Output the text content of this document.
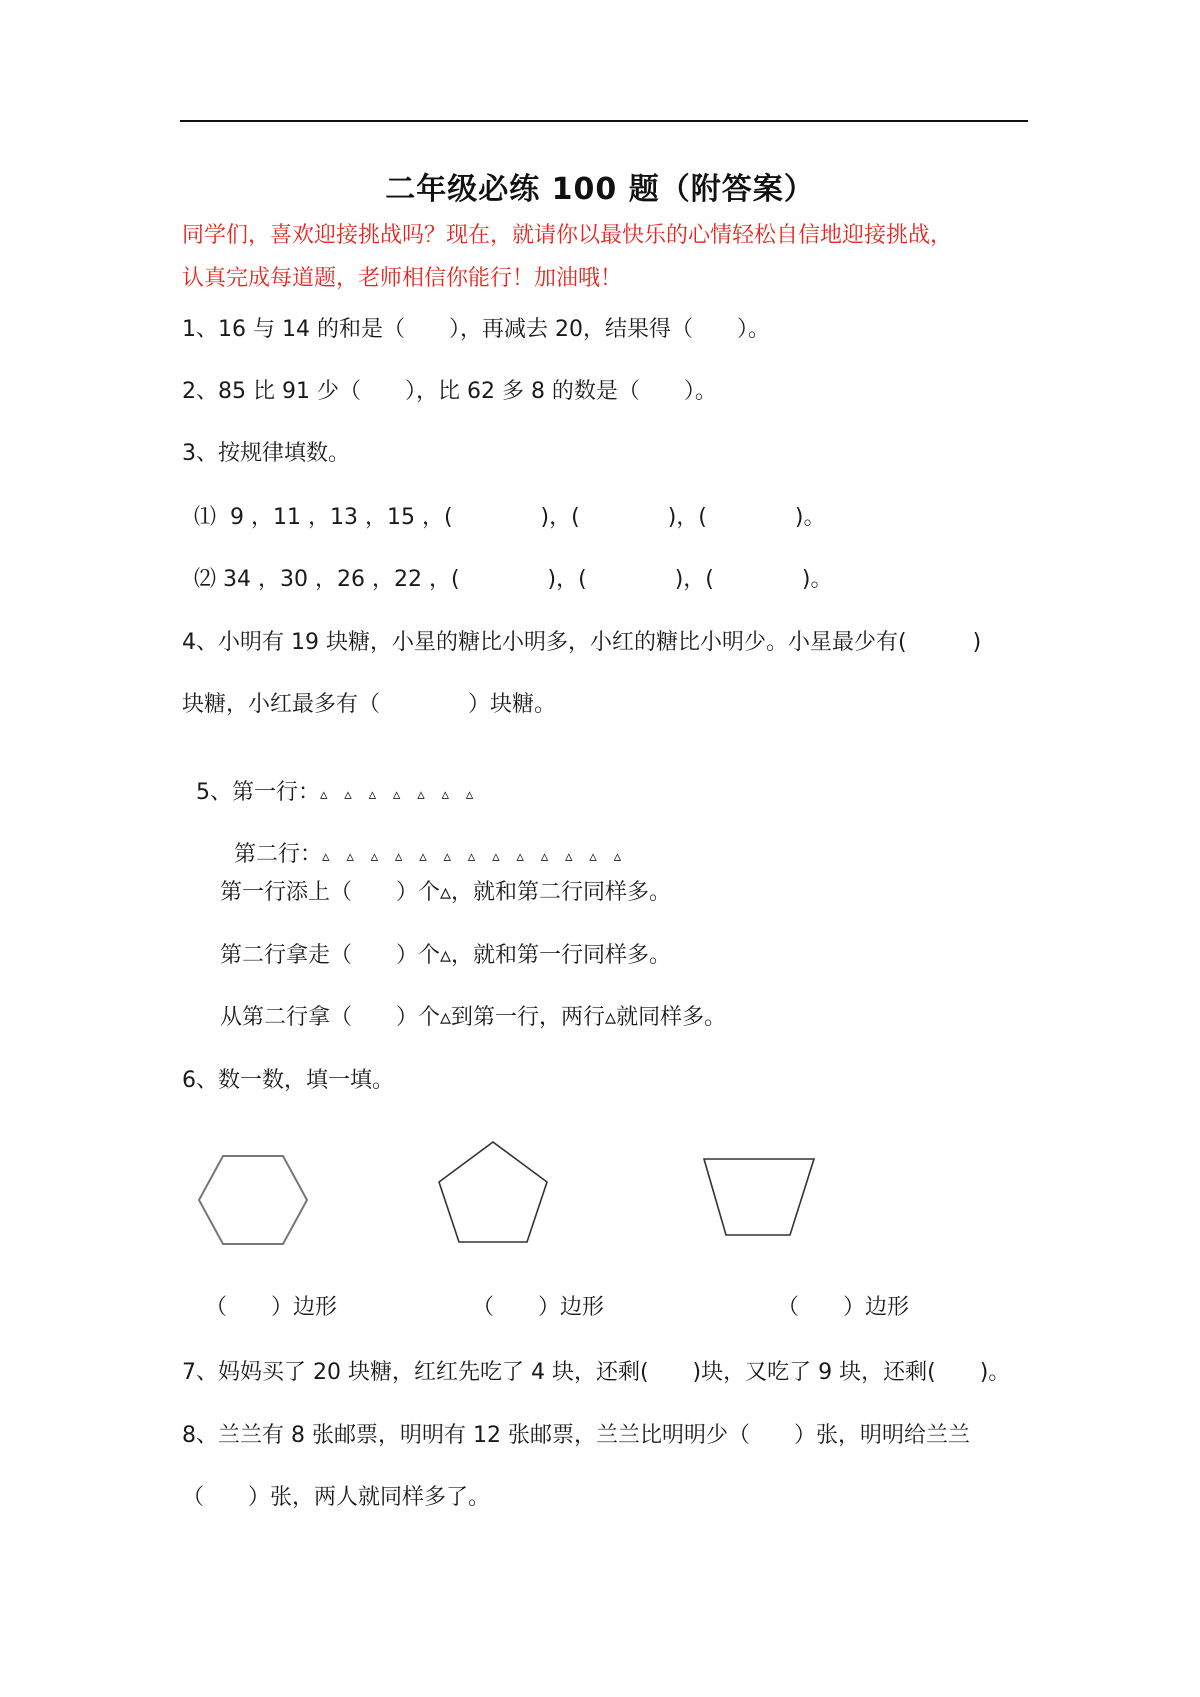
二年级必练 100 题（附答案）
同学们，喜欢迎接挑战吗？现在，就请你以最快乐的心情轻松自信地迎接挑战，
认真完成每道题，老师相信你能行！加油哦！
1、16 与 14 的和是（　　），再减去 20，结果得（　　）。
2、85 比 91 少（　　），比 62 多 8 的数是（　　）。
3、按规律填数。
⑴  9 ，11 ，13 ，15 ，(　　　　)，(　　　　)，(　　　　)。
⑵ 34 ，30 ，26 ，22 ，(　　　　)，(　　　　)，(　　　　)。
4、小明有 19 块糖，小星的糖比小明多，小红的糖比小明少。小星最少有(　　　)
块糖，小红最多有（　　　　）块糖。

5、第一行：▵ ▵ ▵ ▵ ▵ ▵ ▵

第二行：▵ ▵ ▵ ▵ ▵ ▵ ▵ ▵ ▵ ▵ ▵ ▵ ▵

第一行添上（　　）个▵，就和第二行同样多。
第二行拿走（　　）个▵，就和第一行同样多。
从第二行拿（　　）个▵到第一行，两行▵就同样多。
6、数一数，填一填。
（　　）边形	（　　）边形	（　　）边形
7、妈妈买了 20 块糖，红红先吃了 4 块，还剩(　　)块，又吃了 9 块，还剩(　　)。
8、兰兰有 8 张邮票，明明有 12 张邮票，兰兰比明明少（　　）张，明明给兰兰
（　　）张，两人就同样多了。
